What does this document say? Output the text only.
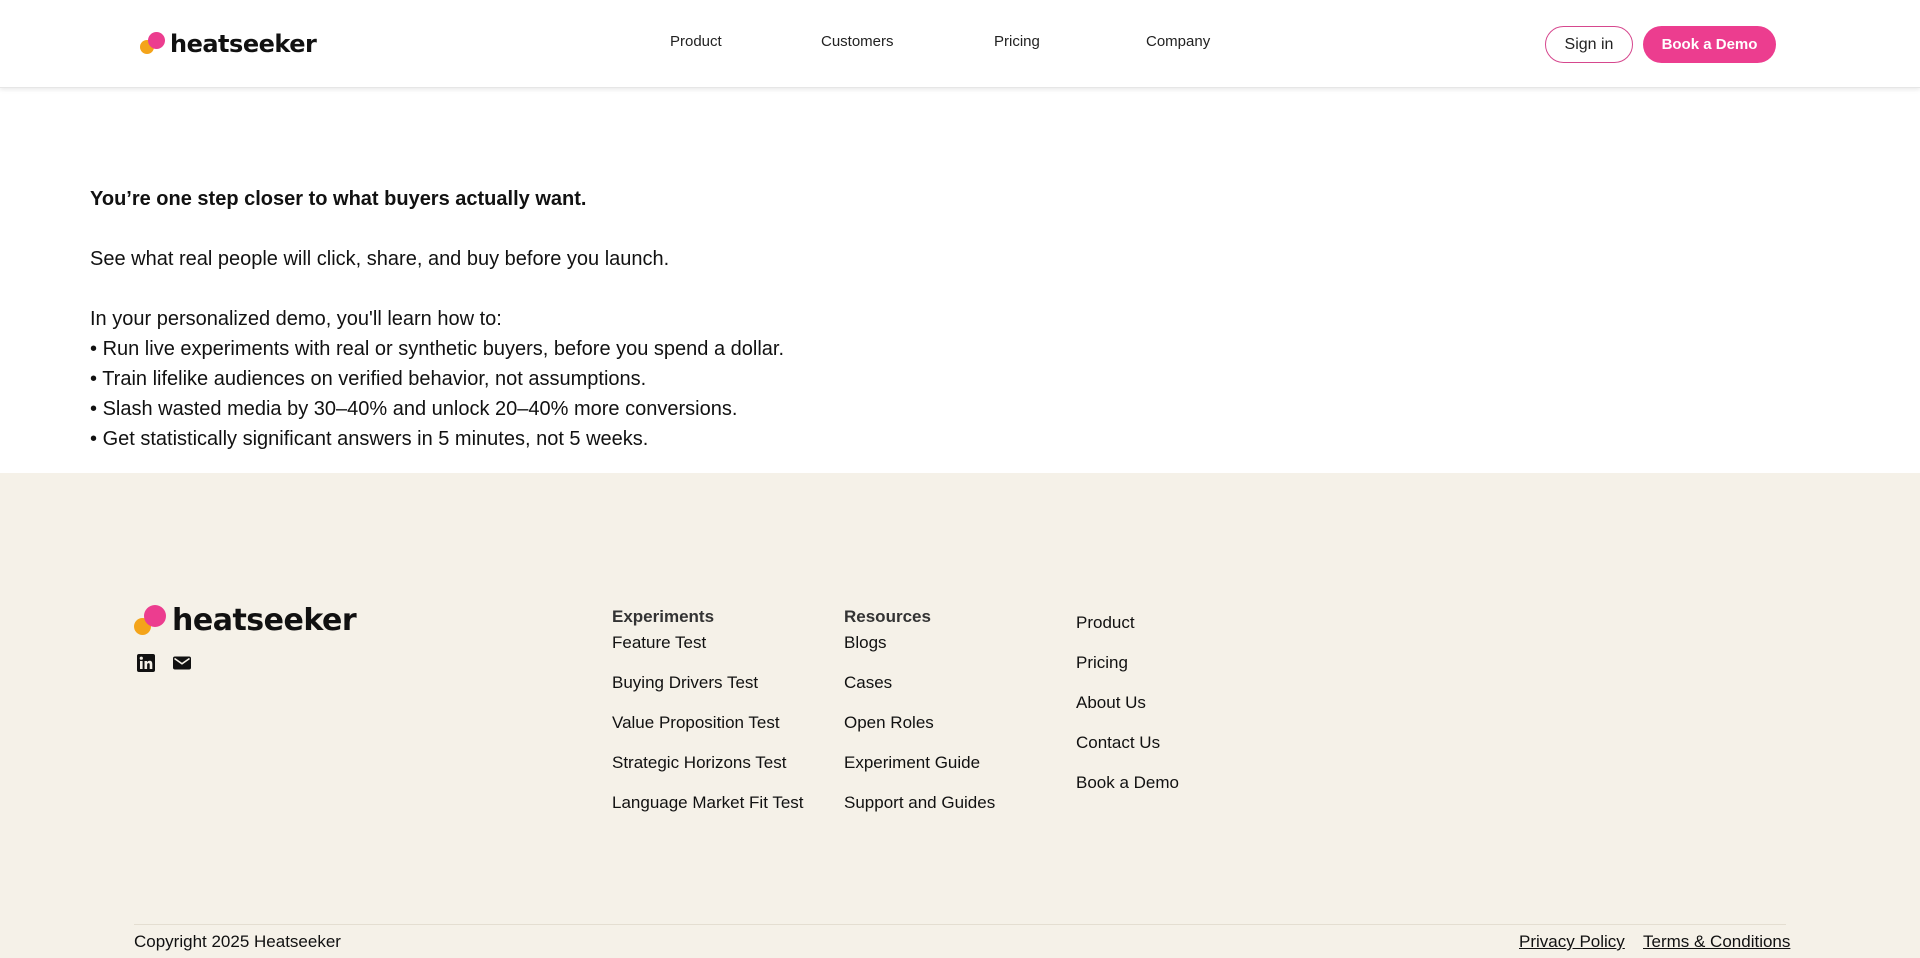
heatseeker	Product	Customers	Pricing	Company	Sign in	Book a Demo
You’re one step closer to what buyers actually want.
See what real people will click, share, and buy before you launch.
In your personalized demo, you'll learn how to:
• Run live experiments with real or synthetic buyers, before you spend a dollar.
• Train lifelike audiences on verified behavior, not assumptions.
• Slash wasted media by 30–40% and unlock 20–40% more conversions.
• Get statistically significant answers in 5 minutes, not 5 weeks.
heatseeker	Experiments
Feature Test
Buying Drivers Test
Value Proposition Test
Strategic Horizons Test
Language Market Fit Test
Resources
Blogs
Cases
Open Roles
Experiment Guide
Support and Guides
Product
Pricing
About Us
Contact Us
Book a Demo
Copyright 2025 Heatseeker	Privacy Policy Terms & Conditions
